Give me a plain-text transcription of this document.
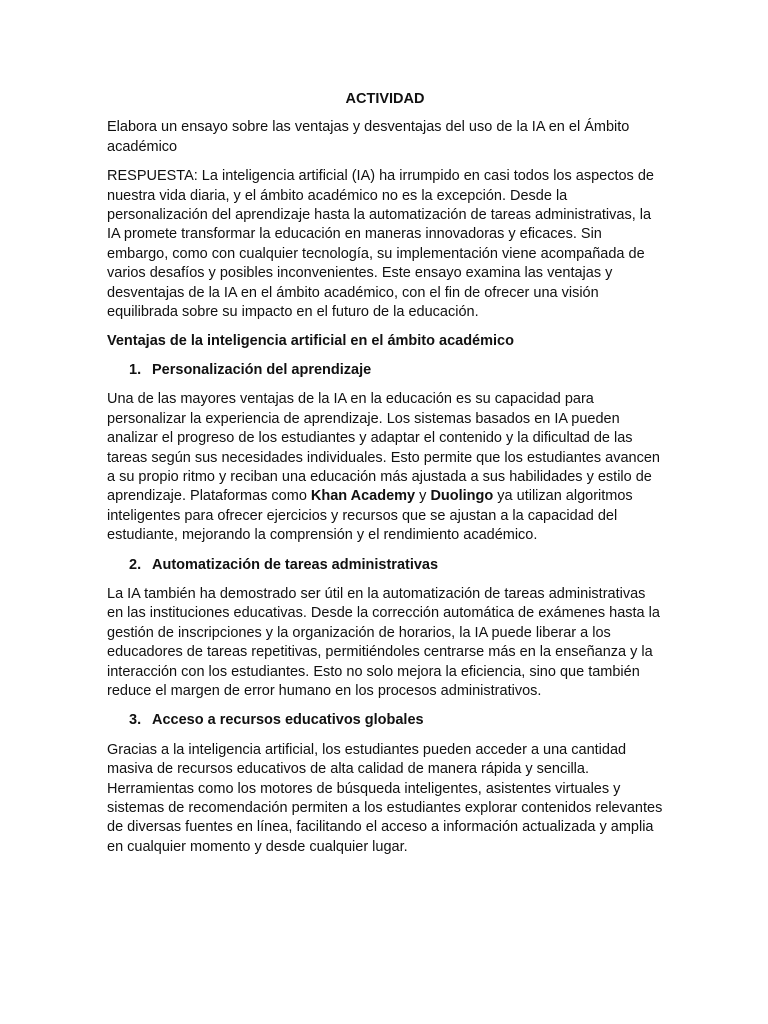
ACTIVIDAD

Elabora un ensayo sobre las ventajas y desventajas del uso de la IA en el Ámbito académico

RESPUESTA: La inteligencia artificial (IA) ha irrumpido en casi todos los aspectos de nuestra vida diaria, y el ámbito académico no es la excepción. Desde la personalización del aprendizaje hasta la automatización de tareas administrativas, la IA promete transformar la educación en maneras innovadoras y eficaces. Sin embargo, como con cualquier tecnología, su implementación viene acompañada de varios desafíos y posibles inconvenientes. Este ensayo examina las ventajas y desventajas de la IA en el ámbito académico, con el fin de ofrecer una visión equilibrada sobre su impacto en el futuro de la educación.

Ventajas de la inteligencia artificial en el ámbito académico
1. Personalización del aprendizaje

Una de las mayores ventajas de la IA en la educación es su capacidad para personalizar la experiencia de aprendizaje. Los sistemas basados en IA pueden analizar el progreso de los estudiantes y adaptar el contenido y la dificultad de las tareas según sus necesidades individuales. Esto permite que los estudiantes avancen a su propio ritmo y reciban una educación más ajustada a sus habilidades y estilo de aprendizaje. Plataformas como Khan Academy y Duolingo ya utilizan algoritmos inteligentes para ofrecer ejercicios y recursos que se ajustan a la capacidad del estudiante, mejorando la comprensión y el rendimiento académico.

2. Automatización de tareas administrativas

La IA también ha demostrado ser útil en la automatización de tareas administrativas en las instituciones educativas. Desde la corrección automática de exámenes hasta la gestión de inscripciones y la organización de horarios, la IA puede liberar a los educadores de tareas repetitivas, permitiéndoles centrarse más en la enseñanza y la interacción con los estudiantes. Esto no solo mejora la eficiencia, sino que también reduce el margen de error humano en los procesos administrativos.

3. Acceso a recursos educativos globales

Gracias a la inteligencia artificial, los estudiantes pueden acceder a una cantidad masiva de recursos educativos de alta calidad de manera rápida y sencilla. Herramientas como los motores de búsqueda inteligentes, asistentes virtuales y sistemas de recomendación permiten a los estudiantes explorar contenidos relevantes de diversas fuentes en línea, facilitando el acceso a información actualizada y amplia en cualquier momento y desde cualquier lugar.
